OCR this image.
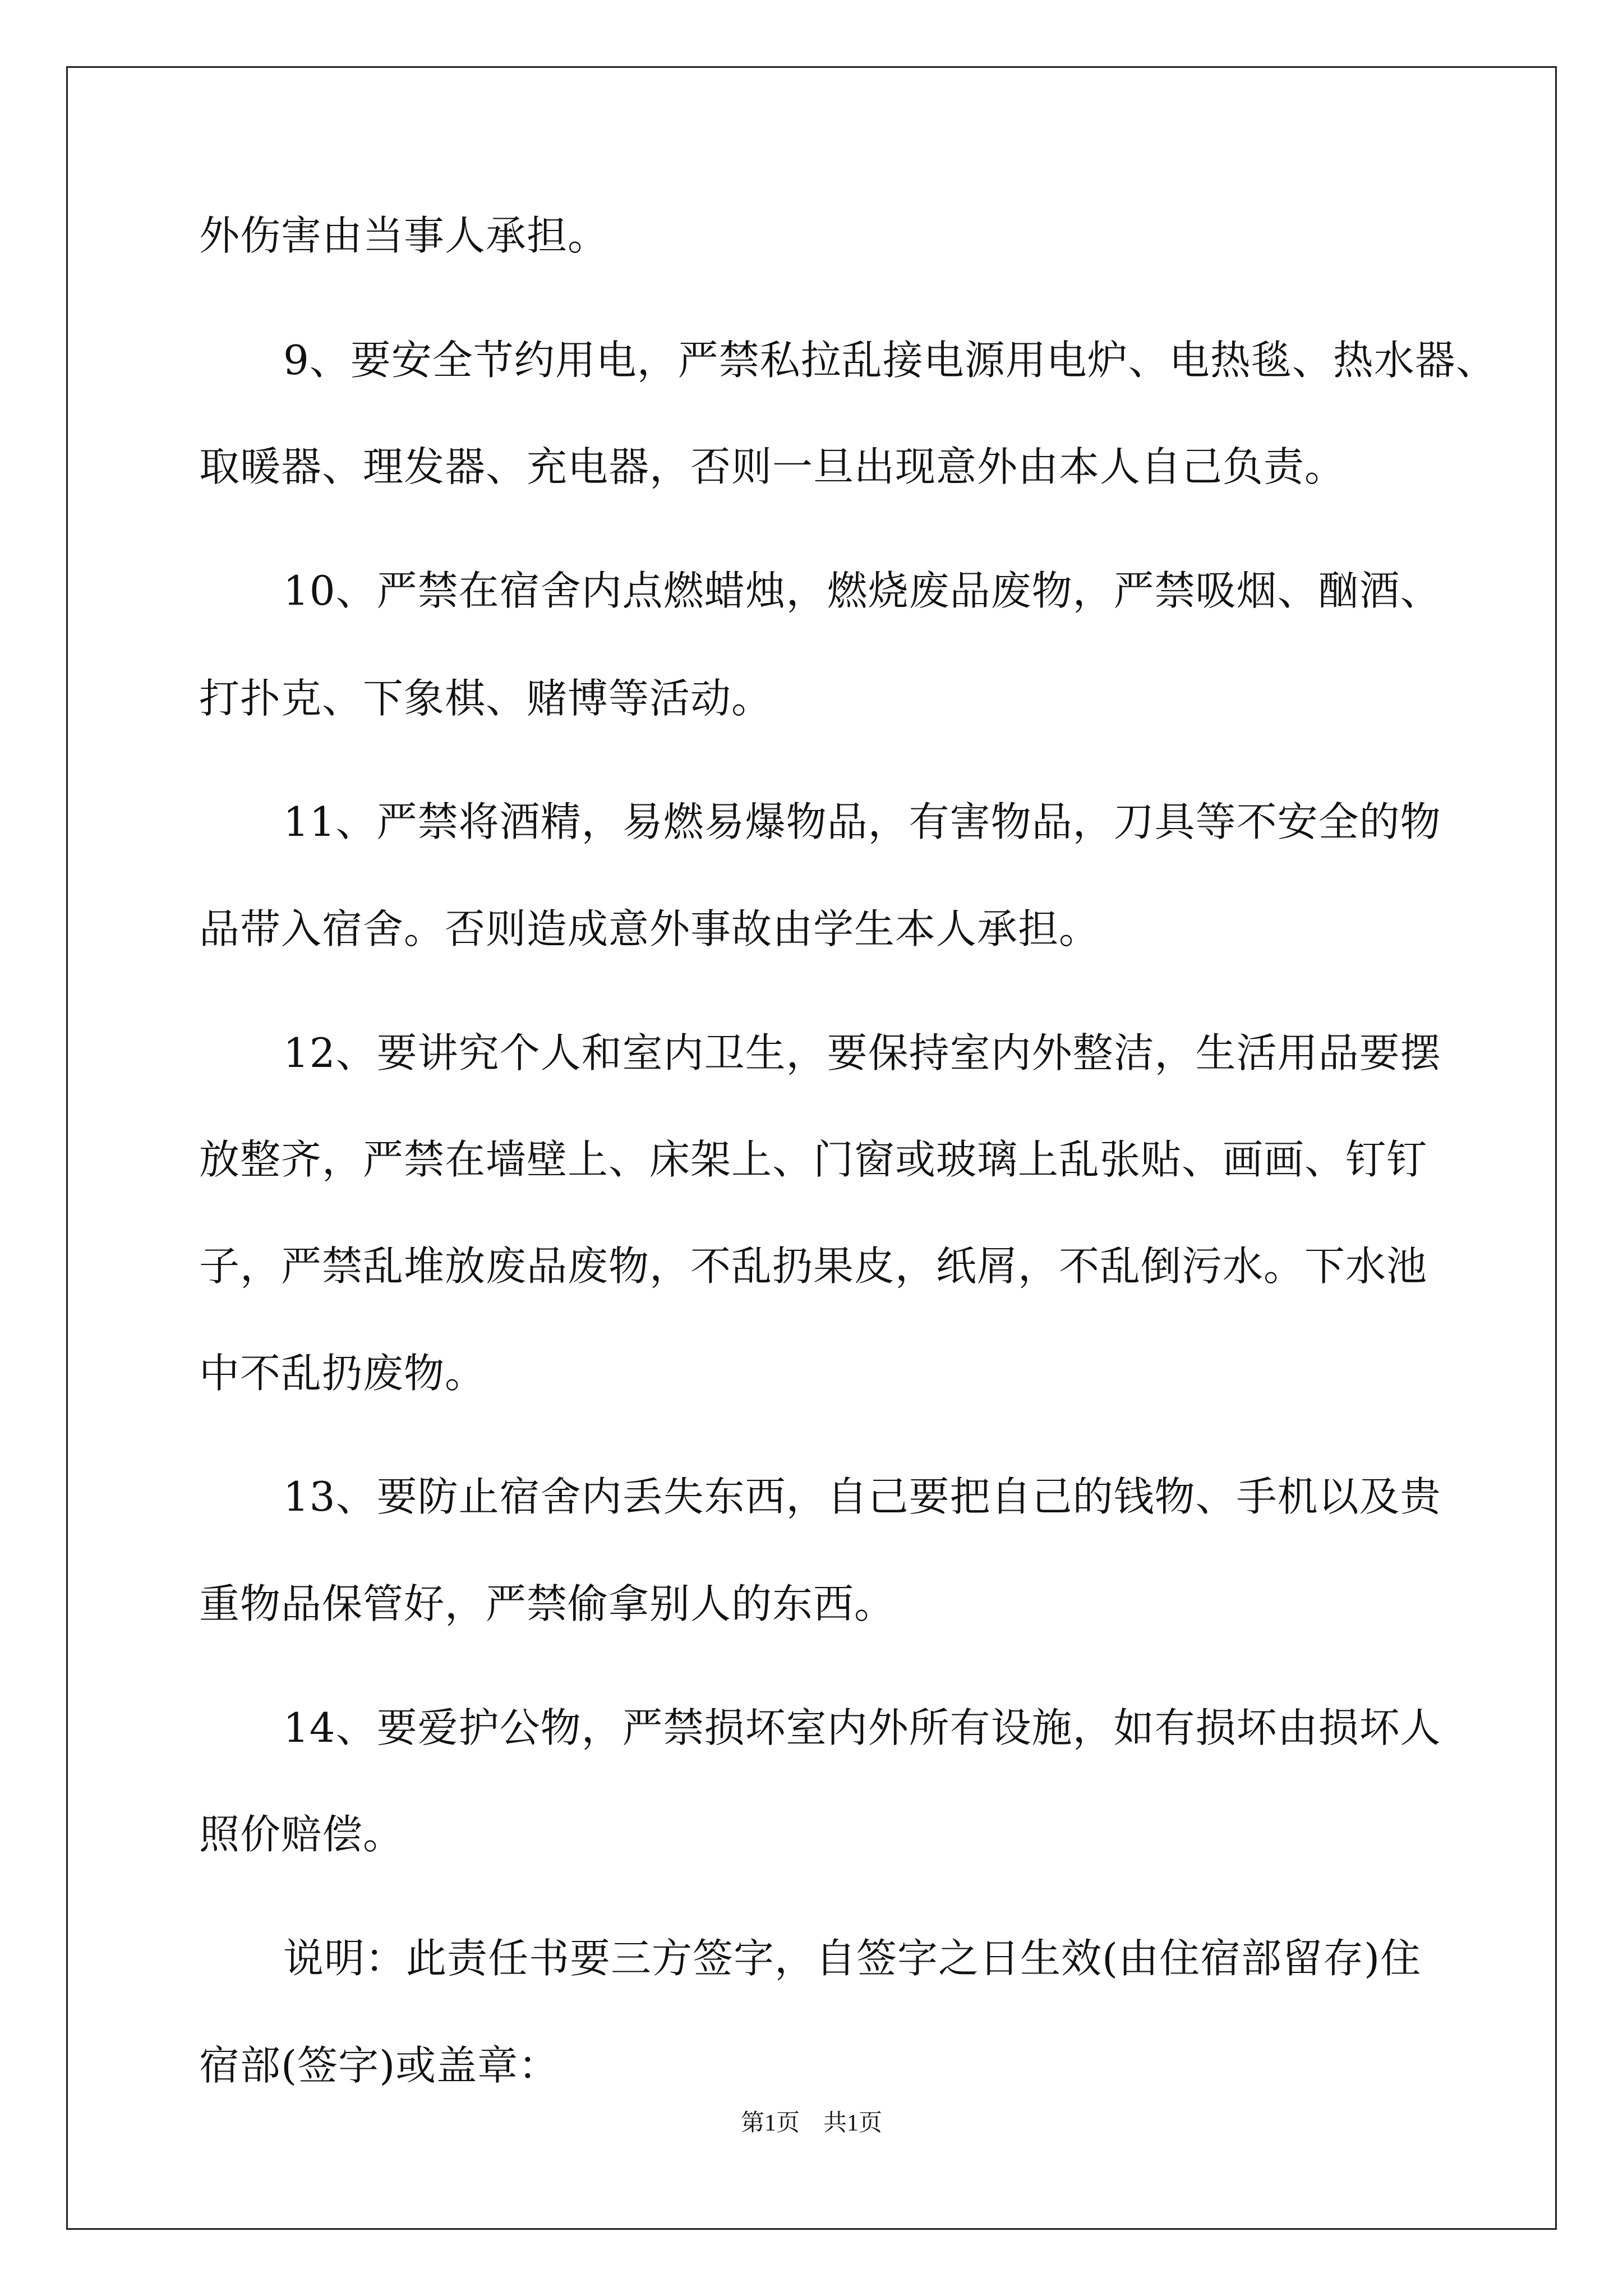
外伤害由当事人承担。
9、要安全节约用电，严禁私拉乱接电源用电炉、电热毯、热水器、
取暖器、理发器、充电器，否则一旦出现意外由本人自己负责。
10、严禁在宿舍内点燃蜡烛，燃烧废品废物，严禁吸烟、酗酒、
打扑克、下象棋、赌博等活动。
11、严禁将酒精，易燃易爆物品，有害物品，刀具等不安全的物
品带入宿舍。否则造成意外事故由学生本人承担。
12、要讲究个人和室内卫生，要保持室内外整洁，生活用品要摆
放整齐，严禁在墙壁上、床架上、门窗或玻璃上乱张贴、画画、钉钉
子，严禁乱堆放废品废物，不乱扔果皮，纸屑，不乱倒污水。下水池
中不乱扔废物。
13、要防止宿舍内丢失东西，自己要把自己的钱物、手机以及贵
重物品保管好，严禁偷拿别人的东西。
14、要爱护公物，严禁损坏室内外所有设施，如有损坏由损坏人
照价赔偿。
说明：此责任书要三方签字，自签字之日生效(由住宿部留存)住
宿部(签字)或盖章：
第1页　共1页
